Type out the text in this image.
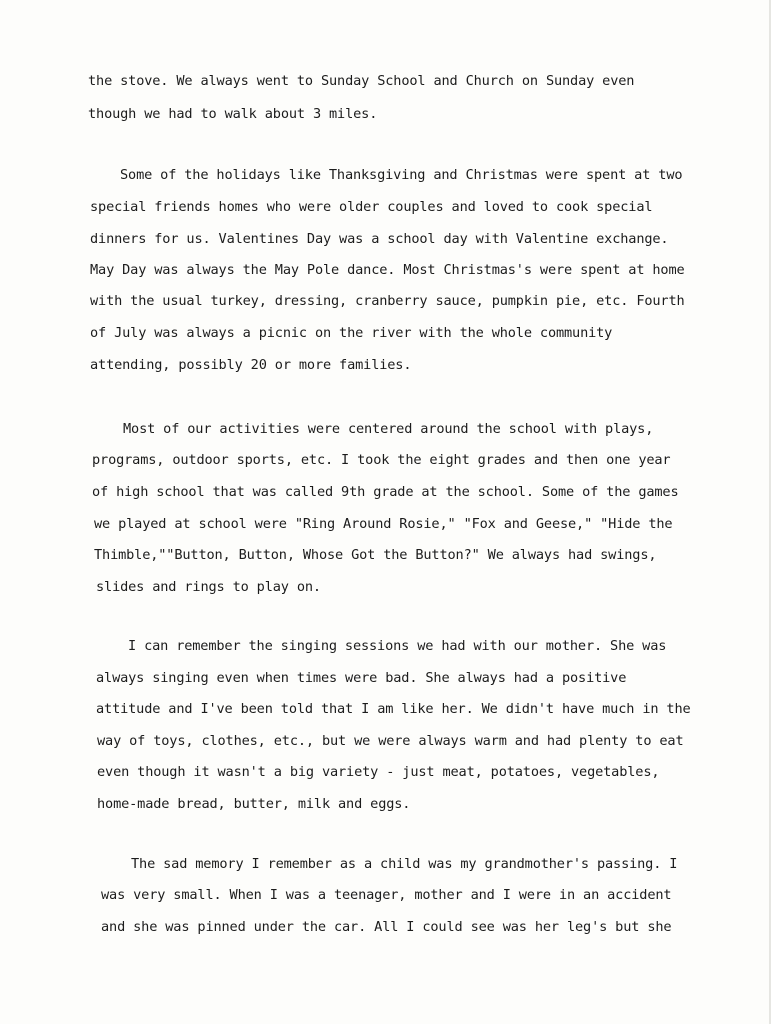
the stove. We always went to Sunday School and Church on Sunday even
though we had to walk about 3 miles.
Some of the holidays like Thanksgiving and Christmas were spent at two
special friends homes who were older couples and loved to cook special
dinners for us. Valentines Day was a school day with Valentine exchange.
May Day was always the May Pole dance. Most Christmas's were spent at home
with the usual turkey, dressing, cranberry sauce, pumpkin pie, etc. Fourth
of July was always a picnic on the river with the whole community
attending, possibly 20 or more families.
Most of our activities were centered around the school with plays,
programs, outdoor sports, etc. I took the eight grades and then one year
of high school that was called 9th grade at the school. Some of the games
we played at school were "Ring Around Rosie," "Fox and Geese," "Hide the
Thimble,""Button, Button, Whose Got the Button?" We always had swings,
slides and rings to play on.
I can remember the singing sessions we had with our mother. She was
always singing even when times were bad. She always had a positive
attitude and I've been told that I am like her. We didn't have much in the
way of toys, clothes, etc., but we were always warm and had plenty to eat
even though it wasn't a big variety - just meat, potatoes, vegetables,
home-made bread, butter, milk and eggs.
The sad memory I remember as a child was my grandmother's passing. I
was very small. When I was a teenager, mother and I were in an accident
and she was pinned under the car. All I could see was her leg's but she
